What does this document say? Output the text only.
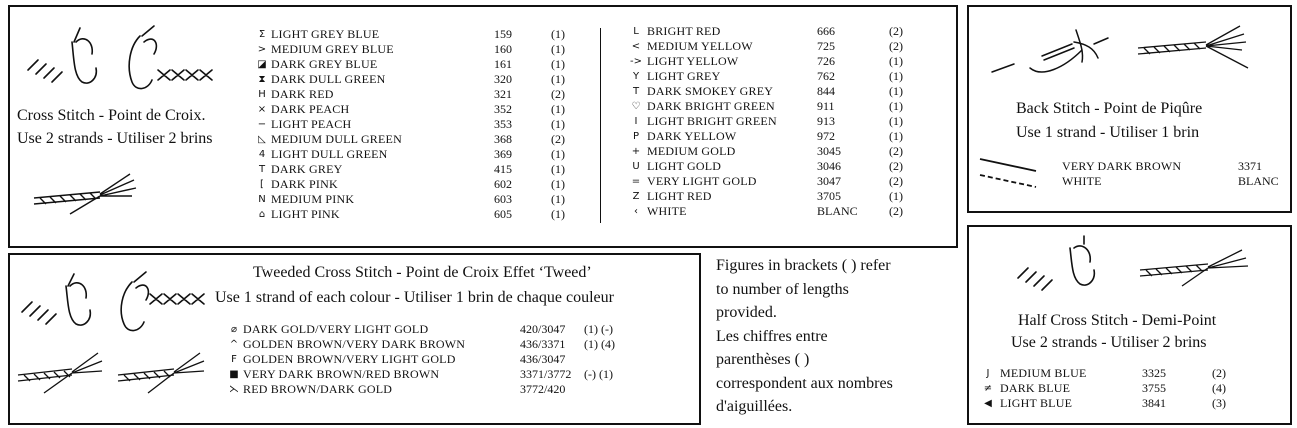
Cross Stitch - Point de Croix.
Use 2 strands - Utiliser 2 brins
Σ	LIGHT GREY BLUE	159	(1)
>	MEDIUM GREY BLUE	160	(1)
◪	DARK GREY BLUE	161	(1)
⧗	DARK DULL GREEN	320	(1)
H	DARK RED	321	(2)
×	DARK PEACH	352	(1)
−	LIGHT PEACH	353	(1)
◺	MEDIUM DULL GREEN	368	(2)
4	LIGHT DULL GREEN	369	(1)
T	DARK GREY	415	(1)
[	DARK PINK	602	(1)
N	MEDIUM PINK	603	(1)
⌂	LIGHT PINK	605	(1)
L	BRIGHT RED	666	(2)
<	MEDIUM YELLOW	725	(2)
->	LIGHT YELLOW	726	(1)
Y	LIGHT GREY	762	(1)
T	DARK SMOKEY GREY	844	(1)
♡	DARK BRIGHT GREEN	911	(1)
I	LIGHT BRIGHT GREEN	913	(1)
P	DARK YELLOW	972	(1)
+	MEDIUM GOLD	3045	(2)
U	LIGHT GOLD	3046	(2)
=	VERY LIGHT GOLD	3047	(2)
Z	LIGHT RED	3705	(1)
‹	WHITE	BLANC	(2)
Tweeded Cross Stitch - Point de Croix Effet ‘Tweed’
Use 1 strand of each colour - Utiliser 1 brin de chaque couleur
⌀	DARK GOLD/VERY LIGHT GOLD	420/3047	(1) (-)
^	GOLDEN BROWN/VERY DARK BROWN	436/3371	(1) (4)
F	GOLDEN BROWN/VERY LIGHT GOLD	436/3047	
■	VERY DARK BROWN/RED BROWN	3371/3772	(-) (1)
⋋	RED BROWN/DARK GOLD	3772/420	
Figures in brackets ( ) refer
to number of lengths
provided.
Les chiffres entre
parenthèses ( )
correspondent aux nombres
d'aiguillées.
Back Stitch - Point de Piqûre
Use 1 strand - Utiliser 1 brin
VERY DARK BROWN	3371
WHITE	BLANC
Half Cross Stitch - Demi-Point
Use 2 strands - Utiliser 2 brins
J	MEDIUM BLUE	3325	(2)
≠	DARK BLUE	3755	(4)
◀	LIGHT BLUE	3841	(3)
